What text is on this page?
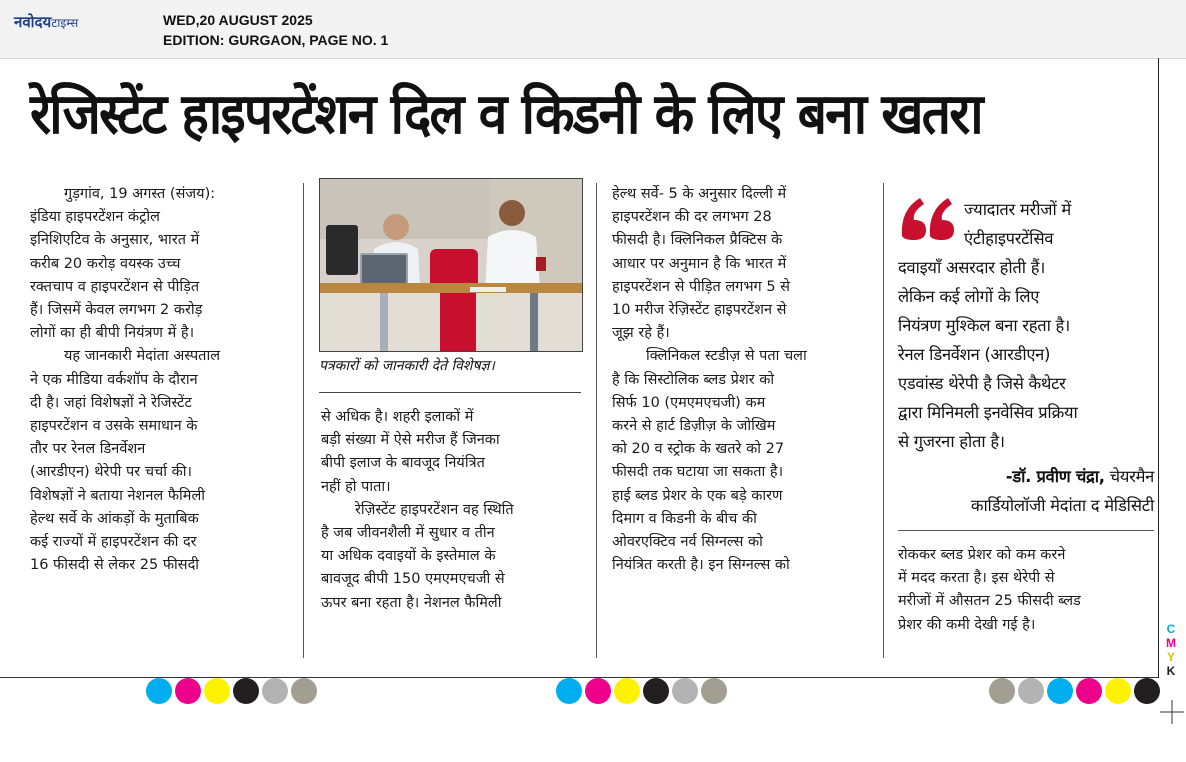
नवोदयटाइम्स	WED,20 AUGUST 2025
EDITION: GURGAON, PAGE NO. 1
रेजिस्टेंट हाइपरटेंशन दिल व किडनी के लिए बना खतरा
गुड़गांव, 19 अगस्त (संजय):
इंडिया हाइपरटेंशन कंट्रोल
इनिशिएटिव के अनुसार, भारत में
करीब 20 करोड़ वयस्क उच्च
रक्तचाप व हाइपरटेंशन से पीड़ित
हैं। जिसमें केवल लगभग 2 करोड़
लोगों का ही बीपी नियंत्रण में है।
यह जानकारी मेदांता अस्पताल
ने एक मीडिया वर्कशॉप के दौरान
दी है। जहां विशेषज्ञों ने रेजिस्टेंट
हाइपरटेंशन व उसके समाधान के
तौर पर रेनल डिनर्वेशन
(आरडीएन) थेरेपी पर चर्चा की।
विशेषज्ञों ने बताया नेशनल फैमिली
हेल्थ सर्वे के आंकड़ों के मुताबिक
कई राज्यों में हाइपरटेंशन की दर
16 फीसदी से लेकर 25 फीसदी
पत्रकारों को जानकारी देते विशेषज्ञ।
से अधिक है। शहरी इलाकों में
बड़ी संख्या में ऐसे मरीज हैं जिनका
बीपी इलाज के बावजूद नियंत्रित
नहीं हो पाता।
रेज़िस्टेंट हाइपरटेंशन वह स्थिति
है जब जीवनशैली में सुधार व तीन
या अधिक दवाइयों के इस्तेमाल के
बावजूद बीपी 150 एमएमएचजी से
ऊपर बना रहता है। नेशनल फैमिली
हेल्थ सर्वे- 5 के अनुसार दिल्ली में
हाइपरटेंशन की दर लगभग 28
फीसदी है। क्लिनिकल प्रैक्टिस के
आधार पर अनुमान है कि भारत में
हाइपरटेंशन से पीड़ित लगभग 5 से
10 मरीज रेज़िस्टेंट हाइपरटेंशन से
जूझ रहे हैं।
क्लिनिकल स्टडीज़ से पता चला
है कि सिस्टोलिक ब्लड प्रेशर को
सिर्फ 10 (एमएमएचजी) कम
करने से हार्ट डिज़ीज़ के जोखिम
को 20 व स्ट्रोक के खतरे को 27
फीसदी तक घटाया जा सकता है।
हाई ब्लड प्रेशर के एक बड़े कारण
दिमाग व किडनी के बीच की
ओवरएक्टिव नर्व सिग्नल्स को
नियंत्रित करती है। इन सिग्नल्स को
ज्यादातर मरीजों में
एंटीहाइपरटेंसिव
दवाइयाँ असरदार होती हैं।
लेकिन कई लोगों के लिए
नियंत्रण मुश्किल बना रहता है।
रेनल डिनर्वेशन (आरडीएन)
एडवांस्ड थेरेपी है जिसे कैथेटर
द्वारा मिनिमली इनवेसिव प्रक्रिया
से गुजरना होता है।
-डॉ. प्रवीण चंद्रा, चेयरमैन
कार्डियोलॉजी मेदांता द मेडिसिटी
रोककर ब्लड प्रेशर को कम करने
में मदद करता है। इस थेरेपी से
मरीजों में औसतन 25 फीसदी ब्लड
प्रेशर की कमी देखी गई है।	C
M
Y
K
